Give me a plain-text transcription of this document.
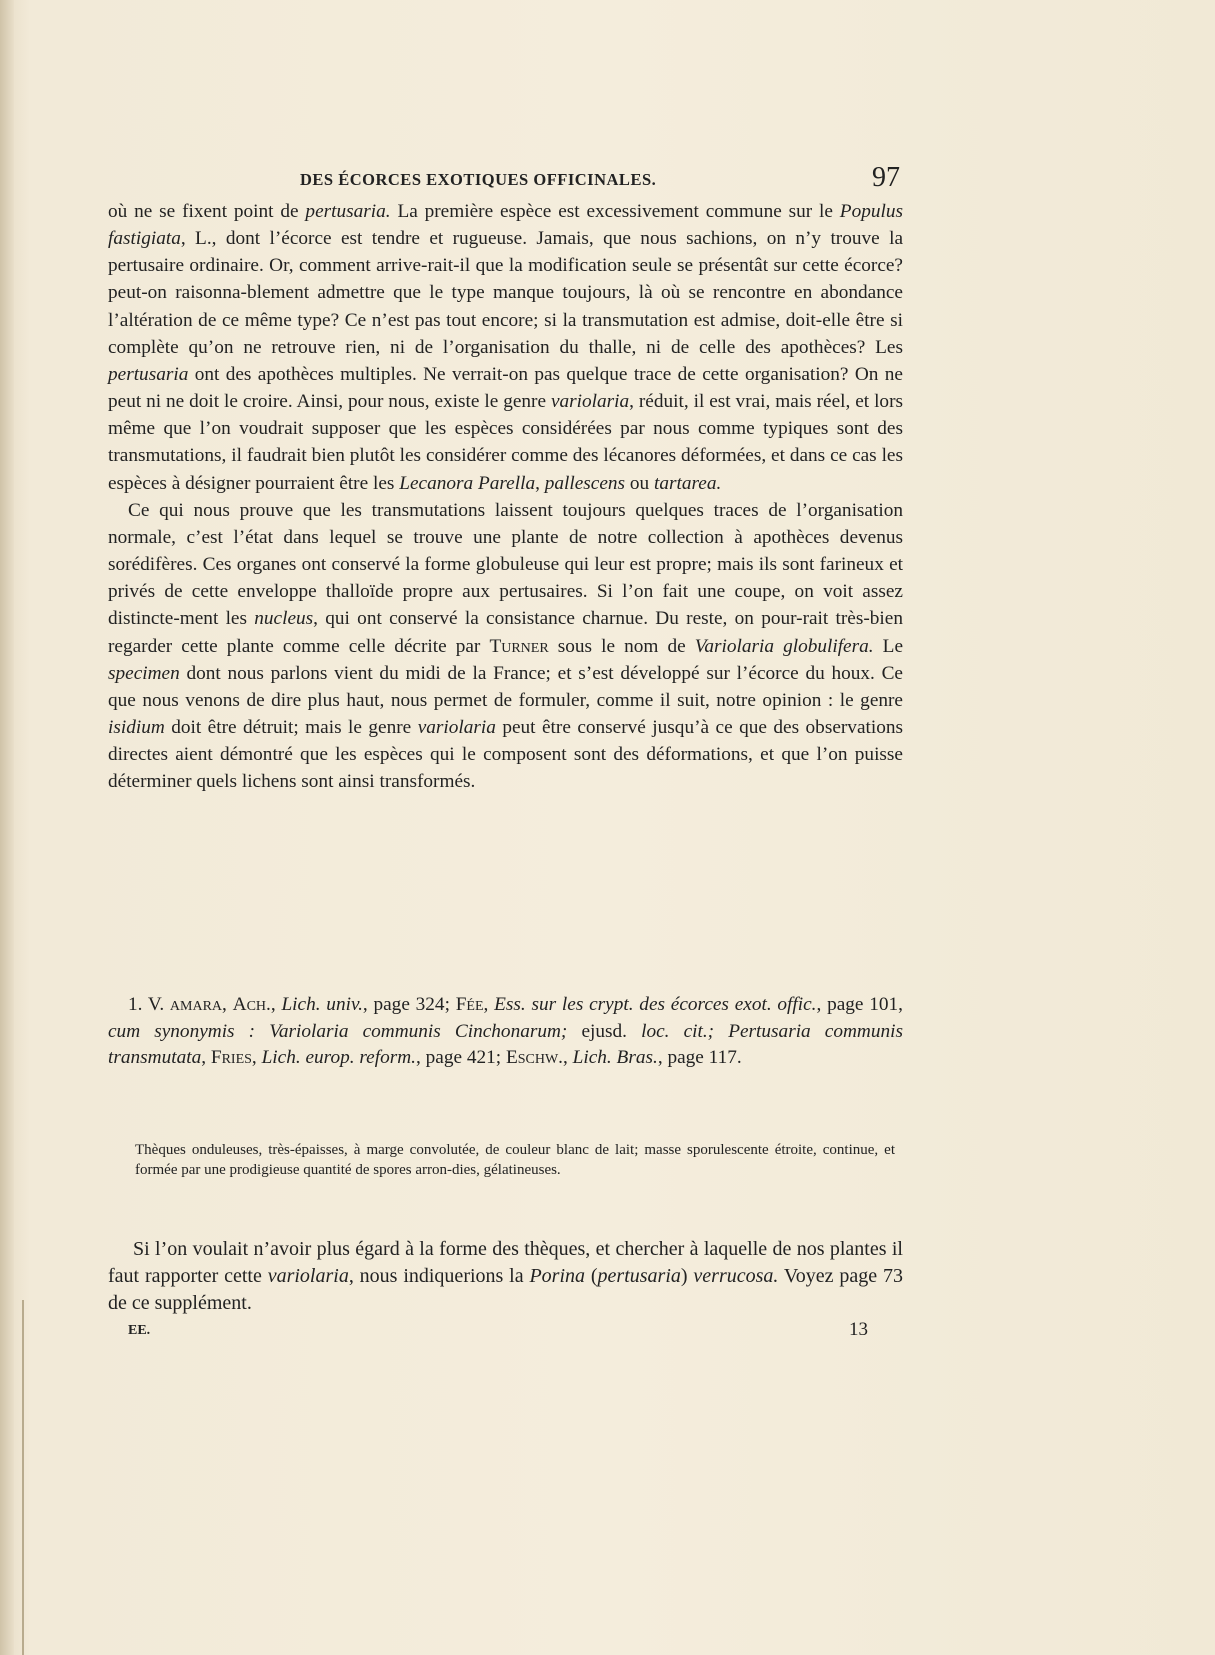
DES ÉCORCES EXOTIQUES OFFICINALES.	97

où ne se fixent point de pertusaria. La première espèce est excessivement commune sur le Populus fastigiata, L., dont l’écorce est tendre et rugueuse. Jamais, que nous sachions, on n’y trouve la pertusaire ordinaire. Or, comment arrive-rait-il que la modification seule se présentât sur cette écorce? peut-on raisonna-blement admettre que le type manque toujours, là où se rencontre en abondance l’altération de ce même type? Ce n’est pas tout encore; si la transmutation est admise, doit-elle être si complète qu’on ne retrouve rien, ni de l’organisation du thalle, ni de celle des apothèces? Les pertusaria ont des apothèces multiples. Ne verrait-on pas quelque trace de cette organisation? On ne peut ni ne doit le croire. Ainsi, pour nous, existe le genre variolaria, réduit, il est vrai, mais réel, et lors même que l’on voudrait supposer que les espèces considérées par nous comme typiques sont des transmutations, il faudrait bien plutôt les considérer comme des lécanores déformées, et dans ce cas les espèces à désigner pourraient être les Lecanora Parella, pallescens ou tartarea.

Ce qui nous prouve que les transmutations laissent toujours quelques traces de l’organisation normale, c’est l’état dans lequel se trouve une plante de notre collection à apothèces devenus sorédifères. Ces organes ont conservé la forme globuleuse qui leur est propre; mais ils sont farineux et privés de cette enveloppe thalloïde propre aux pertusaires. Si l’on fait une coupe, on voit assez distincte-ment les nucleus, qui ont conservé la consistance charnue. Du reste, on pour-rait très-bien regarder cette plante comme celle décrite par Turner sous le nom de Variolaria globulifera. Le specimen dont nous parlons vient du midi de la France; et s’est développé sur l’écorce du houx. Ce que nous venons de dire plus haut, nous permet de formuler, comme il suit, notre opinion : le genre isidium doit être détruit; mais le genre variolaria peut être conservé jusqu’à ce que des observations directes aient démontré que les espèces qui le composent sont des déformations, et que l’on puisse déterminer quels lichens sont ainsi transformés.

1. V. amara, Ach., Lich. univ., page 324; Fée, Ess. sur les crypt. des écorces exot. offic., page 101, cum synonymis : Variolaria communis Cinchonarum; ejusd. loc. cit.; Pertusaria communis transmutata, Fries, Lich. europ. reform., page 421; Eschw., Lich. Bras., page 117.

Thèques onduleuses, très-épaisses, à marge convolutée, de couleur blanc de lait; masse sporulescente étroite, continue, et formée par une prodigieuse quantité de spores arron-dies, gélatineuses.

Si l’on voulait n’avoir plus égard à la forme des thèques, et chercher à laquelle de nos plantes il faut rapporter cette variolaria, nous indiquerions la Porina (pertusaria) verrucosa. Voyez page 73 de ce supplément.

EE.	13
